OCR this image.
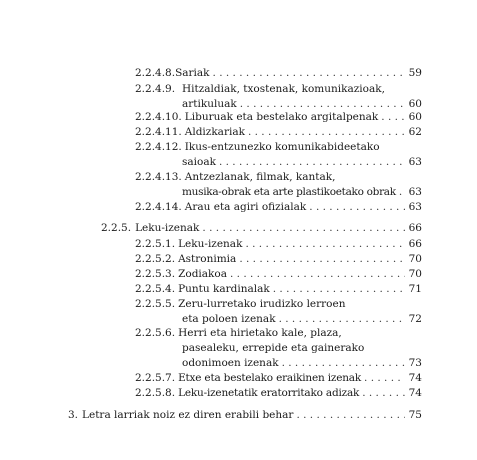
2.2.4.8. Sariak . . .	59
2.2.4.9. Hitzaldiak, txostenak, komunikazioak,
artikuluak . . .	60
2.2.4.10. Liburuak eta bestelako argitalpenak . . .	60
2.2.4.11. Aldizkariak . . .	62
2.2.4.12. Ikus-entzunezko komunikabideetako
saioak . . .	63
2.2.4.13. Antzezlanak, filmak, kantak,
musika-obrak eta arte plastikoetako obrak . . . 63
2.2.4.14. Arau eta agiri ofizialak . . .	63
2.2.5. Leku-izenak . . .	66
2.2.5.1. Leku-izenak . . .	66
2.2.5.2. Astronimia . . .	70
2.2.5.3. Zodiakoa . . .	70
2.2.5.4. Puntu kardinalak . . .	71
2.2.5.5. Zeru-lurretako irudizko lerroen
eta poloen izenak . . .	72
2.2.5.6. Herri eta hirietako kale, plaza,
pasealeku, errepide eta gainerako
odonimoen izenak . . .	73
2.2.5.7. Etxe eta bestelako eraikinen izenak . . .	74
2.2.5.8. Leku-izenetatik eratorritako adizak . . .	74
3. Letra larriak noiz ez diren erabili behar . . .	75
